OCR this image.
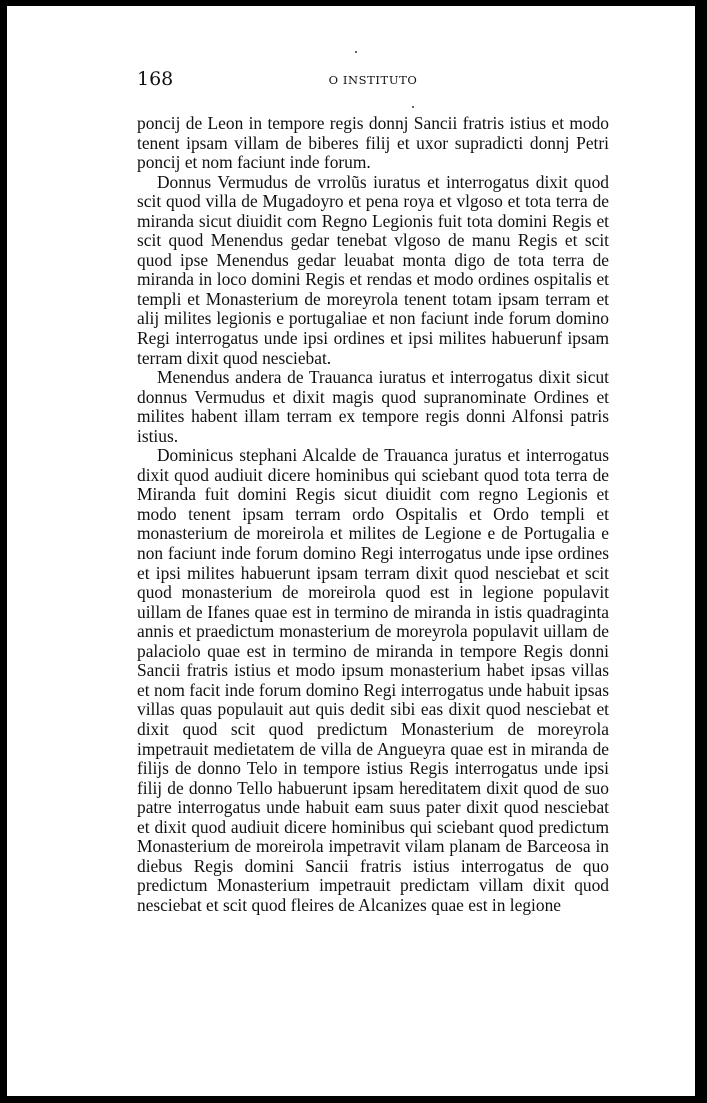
168	O INSTITUTO

poncij de Leon in tempore regis donnj Sancii fratris istius et modo tenent ipsam villam de biberes filij et uxor supradicti donnj Petri poncij et nom faciunt inde forum.

Donnus Vermudus de vrrolũs iuratus et interrogatus dixit quod scit quod villa de Mugadoyro et pena roya et vlgoso et tota terra de miranda sicut diuidit com Regno Legionis fuit tota domini Regis et scit quod Menendus gedar tenebat vlgoso de manu Regis et scit quod ipse Menendus gedar leuabat monta digo de tota terra de miranda in loco domini Regis et rendas et modo ordines ospitalis et templi et Monasterium de moreyrola tenent totam ipsam terram et alij milites legionis e portugaliae et non faciunt inde forum domino Regi interrogatus unde ipsi ordines et ipsi milites habuerunf ipsam terram dixit quod nesciebat.

Menendus andera de Trauanca iuratus et interrogatus dixit sicut donnus Vermudus et dixit magis quod supranominate Ordines et milites habent illam terram ex tempore regis donni Alfonsi patris istius.

Dominicus stephani Alcalde de Trauanca juratus et interrogatus dixit quod audiuit dicere hominibus qui sciebant quod tota terra de Miranda fuit domini Regis sicut diuidit com regno Legionis et modo tenent ipsam terram ordo Ospitalis et Ordo templi et monasterium de moreirola et milites de Legione e de Portugalia e non faciunt inde forum domino Regi interrogatus unde ipse ordines et ipsi milites habuerunt ipsam terram dixit quod nesciebat et scit quod monasterium de moreirola quod est in legione populavit uillam de Ifanes quae est in termino de miranda in istis quadraginta annis et praedictum monasterium de moreyrola populavit uillam de palaciolo quae est in termino de miranda in tempore Regis donni Sancii fratris istius et modo ipsum monasterium habet ipsas villas et nom facit inde forum domino Regi interrogatus unde habuit ipsas villas quas populauit aut quis dedit sibi eas dixit quod nesciebat et dixit quod scit quod predictum Monasterium de moreyrola impetrauit medietatem de villa de Angueyra quae est in miranda de filijs de donno Telo in tempore istius Regis interrogatus unde ipsi filij de donno Tello habuerunt ipsam hereditatem dixit quod de suo patre interrogatus unde habuit eam suus pater dixit quod nesciebat et dixit quod audiuit dicere hominibus qui sciebant quod predictum Monasterium de moreirola impetravit vilam planam de Barceosa in diebus Regis domini Sancii fratris istius interrogatus de quo predictum Monasterium impetrauit predictam villam dixit quod nesciebat et scit quod fleires de Alcanizes quae est in legione
